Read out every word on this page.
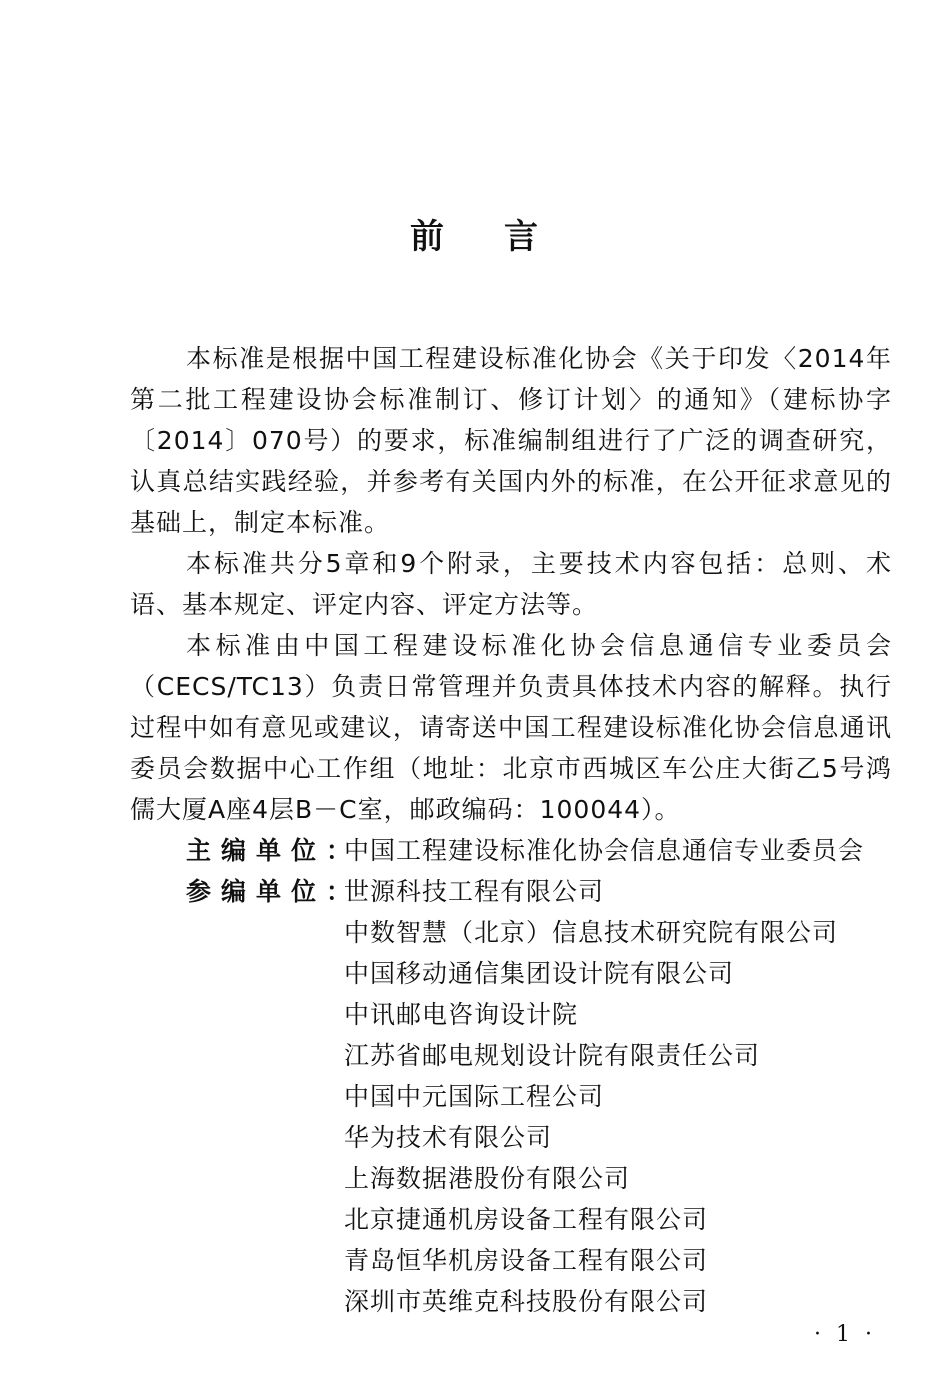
前 言

本标准是根据中国工程建设标准化协会《关于印发〈2014年第二批工程建设协会标准制订、修订计划〉的通知》（建标协字〔2014〕070号）的要求，标准编制组进行了广泛的调查研究，认真总结实践经验，并参考有关国内外的标准，在公开征求意见的基础上，制定本标准。

本标准共分5章和9个附录，主要技术内容包括：总则、术语、基本规定、评定内容、评定方法等。

本标准由中国工程建设标准化协会信息通信专业委员会（CECS/TC13）负责日常管理并负责具体技术内容的解释。执行过程中如有意见或建议，请寄送中国工程建设标准化协会信息通讯委员会数据中心工作组（地址：北京市西城区车公庄大街乙5号鸿儒大厦A座4层B－C室，邮政编码：100044）。

主编单位：
中国工程建设标准化协会信息通信专业委员会
参编单位：
世源科技工程有限公司
中数智慧（北京）信息技术研究院有限公司
中国移动通信集团设计院有限公司
中讯邮电咨询设计院
江苏省邮电规划设计院有限责任公司
中国中元国际工程公司
华为技术有限公司
上海数据港股份有限公司
北京捷通机房设备工程有限公司
青岛恒华机房设备工程有限公司
深圳市英维克科技股份有限公司
· 1 ·
